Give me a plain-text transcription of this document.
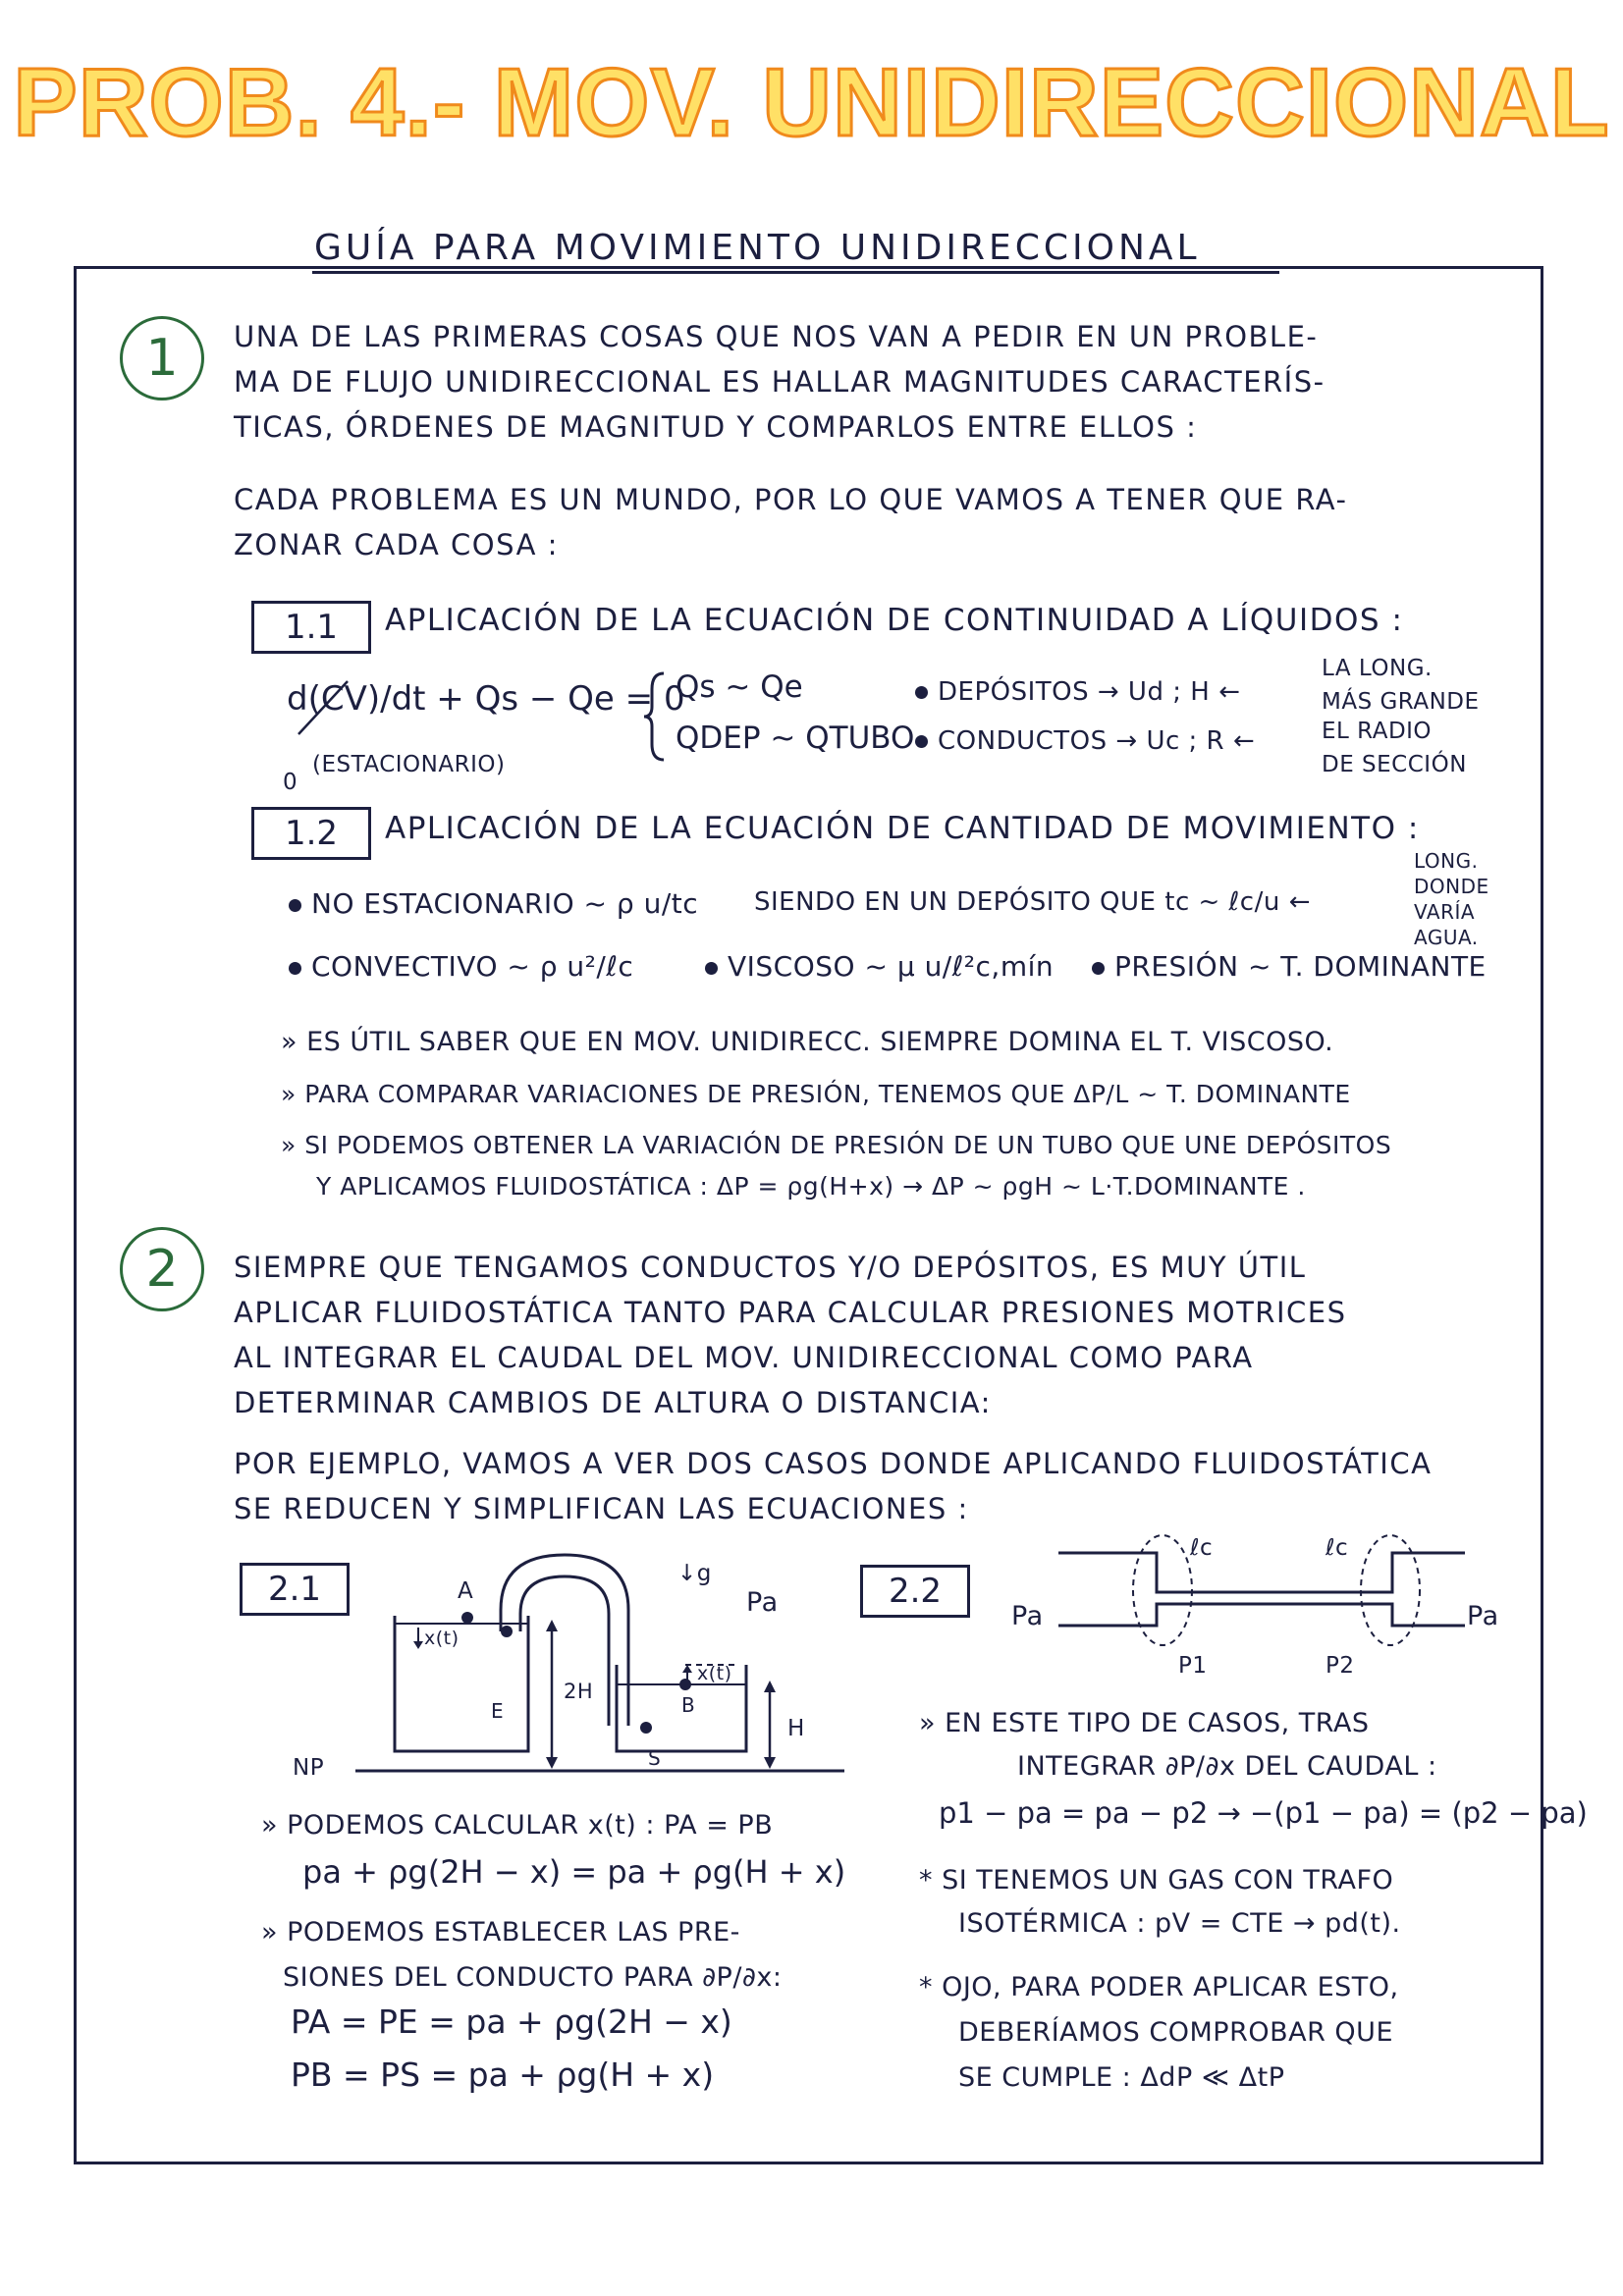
PROB. 4.- MOV. UNIDIRECCIONAL
GUÍA PARA MOVIMIENTO UNIDIRECCIONAL
1	UNA DE LAS PRIMERAS COSAS QUE NOS VAN A PEDIR EN UN PROBLE-
MA DE FLUJO UNIDIRECCIONAL ES HALLAR MAGNITUDES CARACTERÍS-
TICAS, ÓRDENES DE MAGNITUD Y COMPARLOS ENTRE ELLOS :
CADA PROBLEMA ES UN MUNDO, POR LO QUE VAMOS A TENER QUE RA-
ZONAR CADA COSA :
1.1	APLICACIÓN DE LA ECUACIÓN DE CONTINUIDAD A LÍQUIDOS :
d(CV)/dt + Qs − Qe = 0
(ESTACIONARIO)
0
Qs ~ Qe
QDEP ~ QTUBO
DEPÓSITOS → Ud ; H ←
LA LONG.
MÁS GRANDE
CONDUCTOS → Uc ; R ←	EL RADIO
DE SECCIÓN
1.2	APLICACIÓN DE LA ECUACIÓN DE CANTIDAD DE MOVIMIENTO :
NO ESTACIONARIO ~ ρ u/tc SIENDO EN UN DEPÓSITO QUE tc ~ ℓc/u ←
LONG.
DONDE
VARÍA
AGUA.
CONVECTIVO ~ ρ u²/ℓc	VISCOSO ~ μ u/ℓ²c,mín	PRESIÓN ~ T. DOMINANTE
» ES ÚTIL SABER QUE EN MOV. UNIDIRECC. SIEMPRE DOMINA EL T. VISCOSO.
» PARA COMPARAR VARIACIONES DE PRESIÓN, TENEMOS QUE ΔP/L ~ T. DOMINANTE
» SI PODEMOS OBTENER LA VARIACIÓN DE PRESIÓN DE UN TUBO QUE UNE DEPÓSITOS
Y APLICAMOS FLUIDOSTÁTICA : ΔP = ρg(H+x) → ΔP ~ ρgH ~ L·T.DOMINANTE .
2	SIEMPRE QUE TENGAMOS CONDUCTOS Y/O DEPÓSITOS, ES MUY ÚTIL
APLICAR FLUIDOSTÁTICA TANTO PARA CALCULAR PRESIONES MOTRICES
AL INTEGRAR EL CAUDAL DEL MOV. UNIDIRECCIONAL COMO PARA
DETERMINAR CAMBIOS DE ALTURA O DISTANCIA:
POR EJEMPLO, VAMOS A VER DOS CASOS DONDE APLICANDO FLUIDOSTÁTICA
SE REDUCEN Y SIMPLIFICAN LAS ECUACIONES :
2.1	A
E	B
S
x(t)
x(t)
2H
H
↓g
Pa
NP
» PODEMOS CALCULAR x(t) : PA = PB
pa + ρg(2H − x) = pa + ρg(H + x)
» PODEMOS ESTABLECER LAS PRE-
SIONES DEL CONDUCTO PARA ∂P/∂x:
PA = PE = pa + ρg(2H − x)
PB = PS = pa + ρg(H + x)
2.2
ℓc	ℓc
Pa	Pa
P1	P2
» EN ESTE TIPO DE CASOS, TRAS
INTEGRAR ∂P/∂x DEL CAUDAL :
p1 − pa = pa − p2 → −(p1 − pa) = (p2 − pa)
* SI TENEMOS UN GAS CON TRAFO
ISOTÉRMICA : pV = CTE → pd(t).
* OJO, PARA PODER APLICAR ESTO,
DEBERÍAMOS COMPROBAR QUE
SE CUMPLE : ΔdP ≪ ΔtP
